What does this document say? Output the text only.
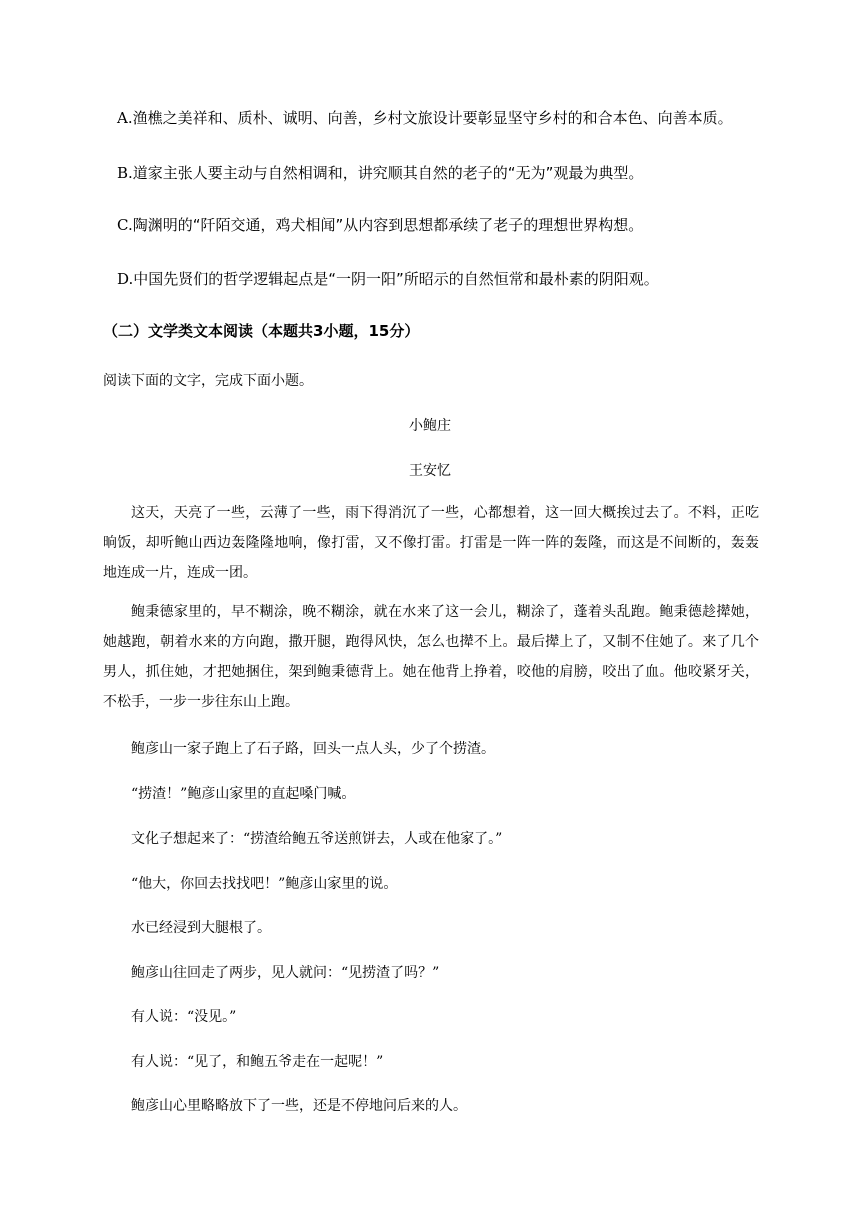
A.渔樵之美祥和、质朴、诚明、向善，乡村文旅设计要彰显坚守乡村的和合本色、向善本质。
B.道家主张人要主动与自然相调和，讲究顺其自然的老子的“无为”观最为典型。
C.陶渊明的“阡陌交通，鸡犬相闻”从内容到思想都承续了老子的理想世界构想。
D.中国先贤们的哲学逻辑起点是“一阴一阳”所昭示的自然恒常和最朴素的阴阳观。
（二）文学类文本阅读（本题共3小题，15分）
阅读下面的文字，完成下面小题。
小鲍庄
王安忆
这天，天亮了一些，云薄了一些，雨下得消沉了一些，心都想着，这一回大概挨过去了。不料，正吃晌饭，却听鲍山西边轰隆隆地响，像打雷，又不像打雷。打雷是一阵一阵的轰隆，而这是不间断的，轰轰地连成一片，连成一团。
鲍秉德家里的，早不糊涂，晚不糊涂，就在水来了这一会儿，糊涂了，蓬着头乱跑。鲍秉德趁撵她，她越跑，朝着水来的方向跑，撒开腿，跑得风快，怎么也撵不上。最后撵上了，又制不住她了。来了几个男人，抓住她，才把她捆住，架到鲍秉德背上。她在他背上挣着，咬他的肩膀，咬出了血。他咬紧牙关，不松手，一步一步往东山上跑。
鲍彦山一家子跑上了石子路，回头一点人头，少了个捞渣。
“捞渣！”鲍彦山家里的直起嗓门喊。
文化子想起来了：“捞渣给鲍五爷送煎饼去，人或在他家了。”
“他大，你回去找找吧！”鲍彦山家里的说。
水已经浸到大腿根了。
鲍彦山往回走了两步，见人就问：“见捞渣了吗？”
有人说：“没见。”
有人说：“见了，和鲍五爷走在一起呢！”
鲍彦山心里略略放下了一些，还是不停地问后来的人。
